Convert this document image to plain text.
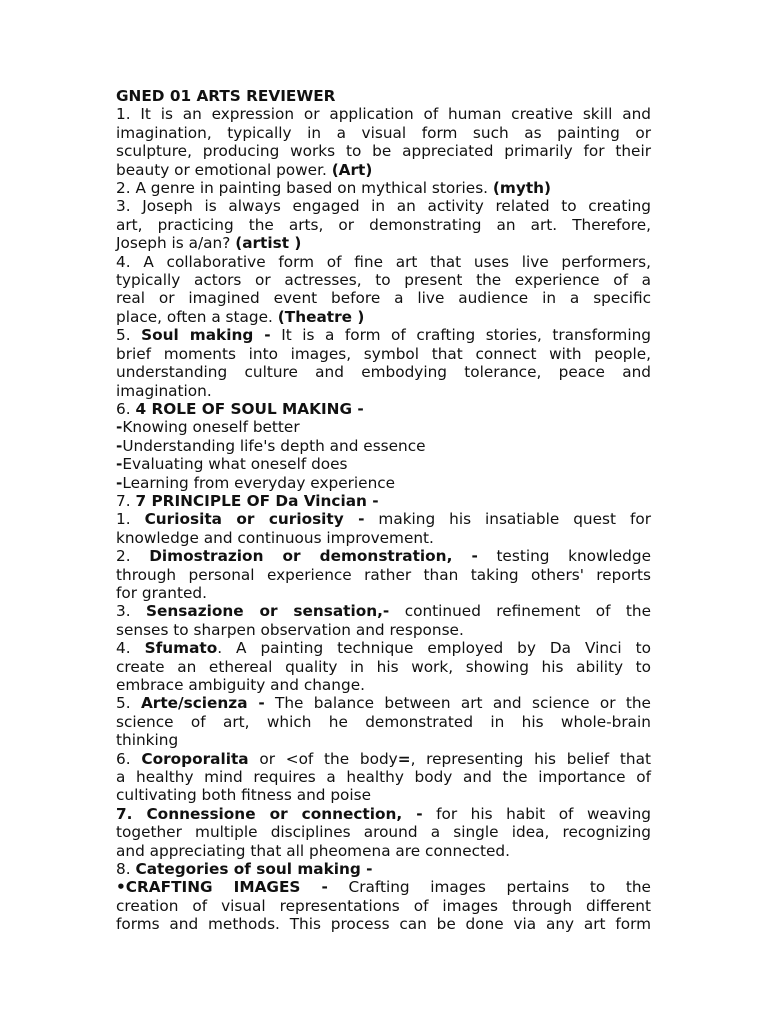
GNED 01 ARTS REVIEWER
1. It is an expression or application of human creative skill and
imagination, typically in a visual form such as painting or
sculpture, producing works to be appreciated primarily for their
beauty or emotional power. (Art)
2. A genre in painting based on mythical stories. (myth)
3. Joseph is always engaged in an activity related to creating
art, practicing the arts, or demonstrating an art. Therefore,
Joseph is a/an? (artist )
4. A collaborative form of fine art that uses live performers,
typically actors or actresses, to present the experience of a
real or imagined event before a live audience in a specific
place, often a stage. (Theatre )
5. Soul making - It is a form of crafting stories, transforming
brief moments into images, symbol that connect with people,
understanding culture and embodying tolerance, peace and
imagination.
6. 4 ROLE OF SOUL MAKING -
-Knowing oneself better
-Understanding life's depth and essence
-Evaluating what oneself does
-Learning from everyday experience
7. 7 PRINCIPLE OF Da Vincian -
1. Curiosita or curiosity - making his insatiable quest for
knowledge and continuous improvement.
2. Dimostrazion or demonstration, - testing knowledge
through personal experience rather than taking others' reports
for granted.
3. Sensazione or sensation,- continued refinement of the
senses to sharpen observation and response.
4. Sfumato. A painting technique employed by Da Vinci to
create an ethereal quality in his work, showing his ability to
embrace ambiguity and change.
5. Arte/scienza - The balance between art and science or the
science of art, which he demonstrated in his whole-brain
thinking
6. Coroporalita or <of the body=, representing his belief that
a healthy mind requires a healthy body and the importance of
cultivating both fitness and poise
7. Connessione or connection, - for his habit of weaving
together multiple disciplines around a single idea, recognizing
and appreciating that all pheomena are connected.
8. Categories of soul making -
•CRAFTING IMAGES - Crafting images pertains to the
creation of visual representations of images through different
forms and methods. This process can be done via any art form
